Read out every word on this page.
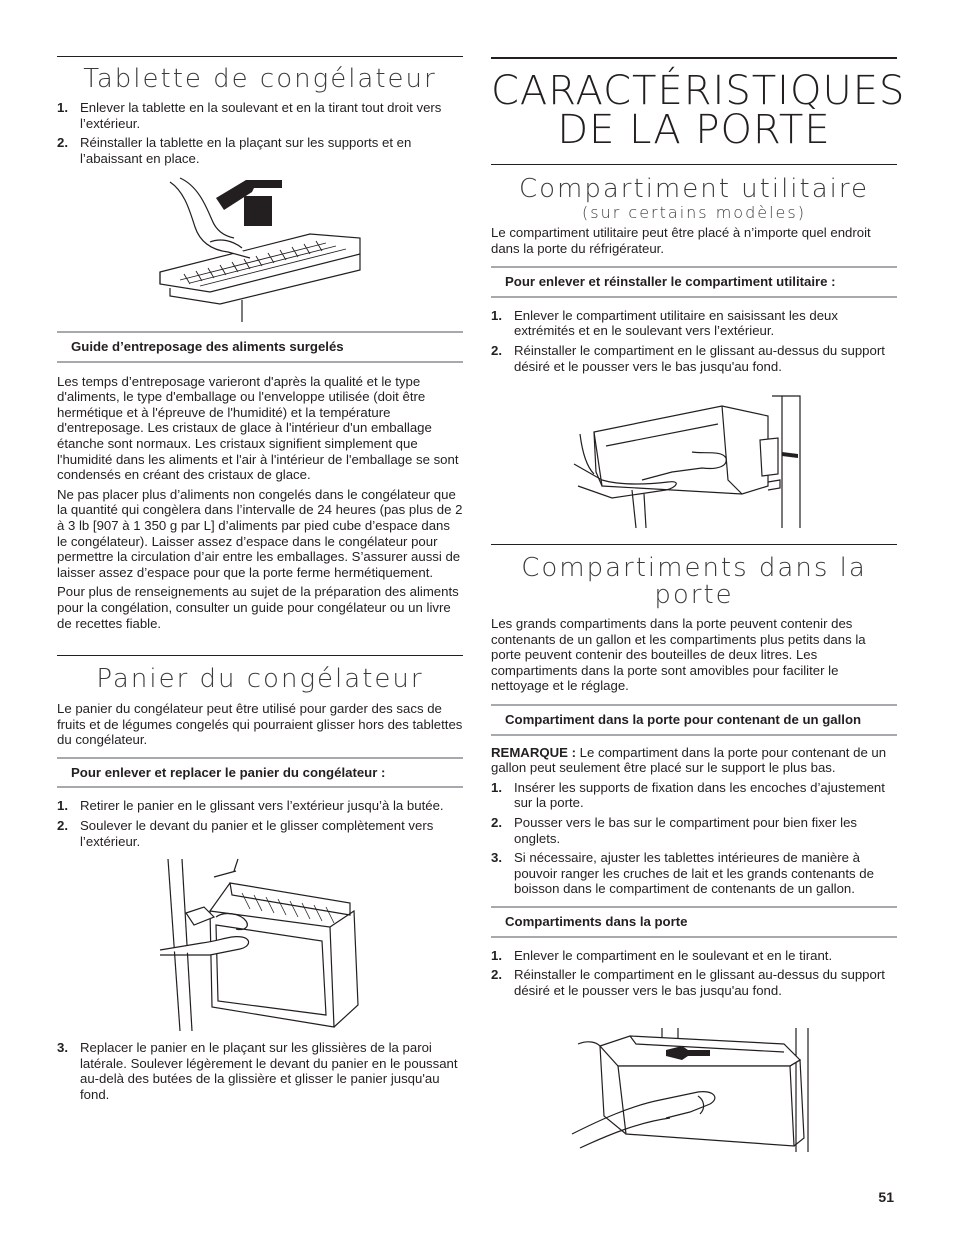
Tablette de congélateur
1. Enlever la tablette en la soulevant et en la tirant tout droit vers l’extérieur.
2. Réinstaller la tablette en la plaçant sur les supports et en l’abaissant en place.
Guide d’entreposage des aliments surgelés

Les temps d’entreposage varieront d'après la qualité et le type d'aliments, le type d'emballage ou l'enveloppe utilisée (doit être hermétique et à l'épreuve de l'humidité) et la température d'entreposage. Les cristaux de glace à l'intérieur d'un emballage étanche sont normaux. Les cristaux signifient simplement que l'humidité dans les aliments et l'air à l'intérieur de l'emballage se sont condensés en créant des cristaux de glace.

Ne pas placer plus d’aliments non congelés dans le congélateur que la quantité qui congèlera dans l’intervalle de 24 heures (pas plus de 2 à 3 lb [907 à 1 350 g par L] d’aliments par pied cube d’espace dans le congélateur). Laisser assez d’espace dans le congélateur pour permettre la circulation d’air entre les emballages. S’assurer aussi de laisser assez d’espace pour que la porte ferme hermétiquement.

Pour plus de renseignements au sujet de la préparation des aliments pour la congélation, consulter un guide pour congélateur ou un livre de recettes fiable.

Panier du congélateur

Le panier du congélateur peut être utilisé pour garder des sacs de fruits et de légumes congelés qui pourraient glisser hors des tablettes du congélateur.

Pour enlever et replacer le panier du congélateur :
1. Retirer le panier en le glissant vers l’extérieur jusqu’à la butée.
2. Soulever le devant du panier et le glisser complètement vers l’extérieur.
3. Replacer le panier en le plaçant sur les glissières de la paroi latérale. Soulever légèrement le devant du panier en le poussant au-delà des butées de la glissière et glisser le panier jusqu'au fond.
CARACTÉRISTIQUES
DE LA PORTE
Compartiment utilitaire
(sur certains modèles)

Le compartiment utilitaire peut être placé à n’importe quel endroit dans la porte du réfrigérateur.

Pour enlever et réinstaller le compartiment utilitaire :
1. Enlever le compartiment utilitaire en saisissant les deux extrémités et en le soulevant vers l’extérieur.
2. Réinstaller le compartiment en le glissant au-dessus du support désiré et le pousser vers le bas jusqu'au fond.
Compartiments dans la
porte

Les grands compartiments dans la porte peuvent contenir des contenants de un gallon et les compartiments plus petits dans la porte peuvent contenir des bouteilles de deux litres. Les compartiments dans la porte sont amovibles pour faciliter le nettoyage et le réglage.

Compartiment dans la porte pour contenant de un gallon

REMARQUE : Le compartiment dans la porte pour contenant de un gallon peut seulement être placé sur le support le plus bas.

1. Insérer les supports de fixation dans les encoches d’ajustement sur la porte.
2. Pousser vers le bas sur le compartiment pour bien fixer les onglets.
3. Si nécessaire, ajuster les tablettes intérieures de manière à pouvoir ranger les cruches de lait et les grands contenants de boisson dans le compartiment de contenants de un gallon.
Compartiments dans la porte
1. Enlever le compartiment en le soulevant et en le tirant.
2. Réinstaller le compartiment en le glissant au-dessus du support désiré et le pousser vers le bas jusqu'au fond.
51
